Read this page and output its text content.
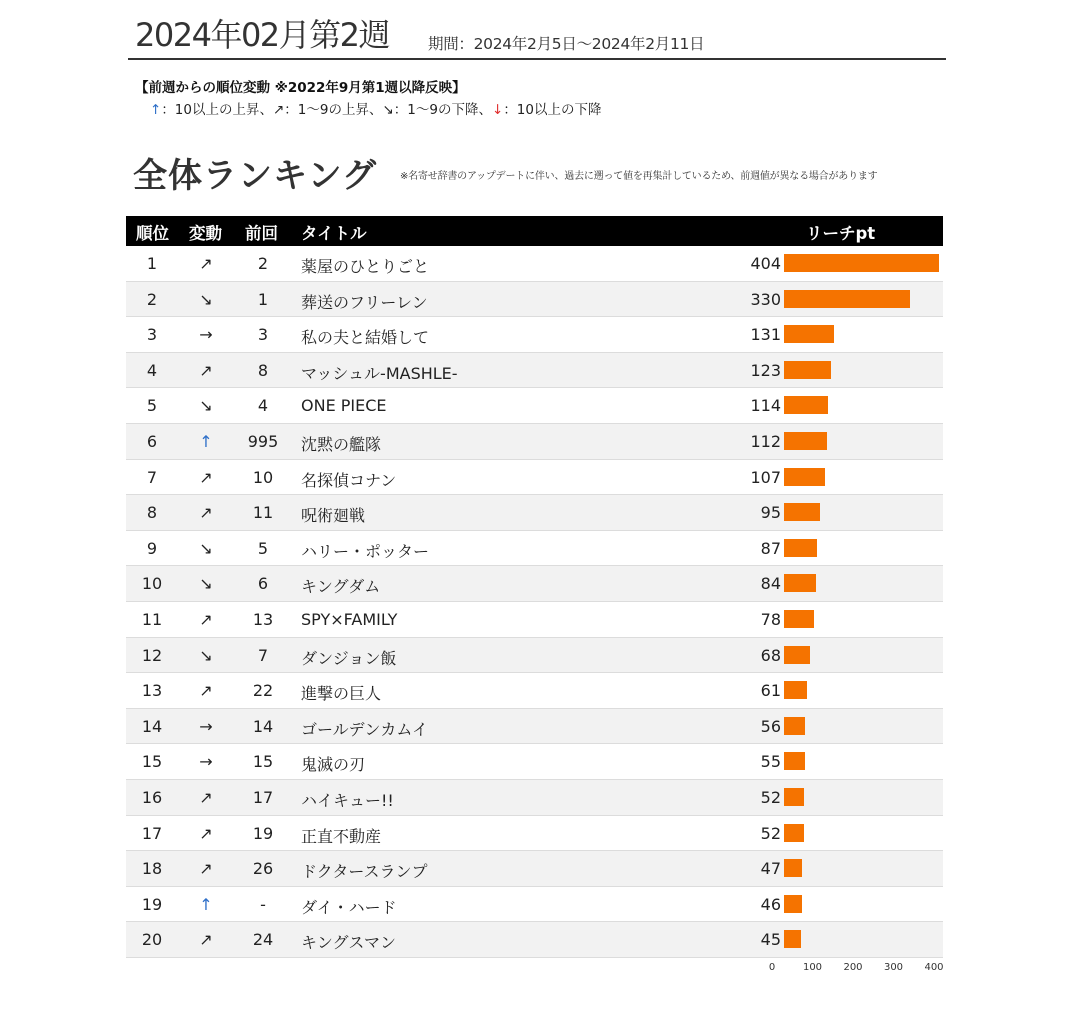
2024年02月第2週	期間：2024年2月5日〜2024年2月11日
【前週からの順位変動 ※2022年9月第1週以降反映】
↑：10以上の上昇、↗：1〜9の上昇、↘：1〜9の下降、↓：10以上の下降
全体ランキング ※名寄せ辞書のアップデートに伴い、過去に遡って値を再集計しているため、前週値が異なる場合があります
順位 変動 前回 タイトル	リーチpt
1	↗	2	薬屋のひとりごと	404
2	↘	1	葬送のフリーレン	330
3	→	3	私の夫と結婚して	131
4	↗	8	マッシュル-MASHLE-	123
5	↘	4	ONE PIECE	114
6	↑	995	沈黙の艦隊	112
7	↗	10	名探偵コナン	107
8	↗	11	呪術廻戦	95
9	↘	5	ハリー・ポッター	87
10	↘	6	キングダム	84
11	↗	13	SPY×FAMILY	78
12	↘	7	ダンジョン飯	68
13	↗	22	進撃の巨人	61
14	→	14	ゴールデンカムイ	56
15	→	15	鬼滅の刃	55
16	↗	17	ハイキュー!!	52
17	↗	19	正直不動産	52
18	↗	26	ドクタースランプ	47
19	↑	-	ダイ・ハード	46
20	↗	24	キングスマン	45
0	100 200 300 400
